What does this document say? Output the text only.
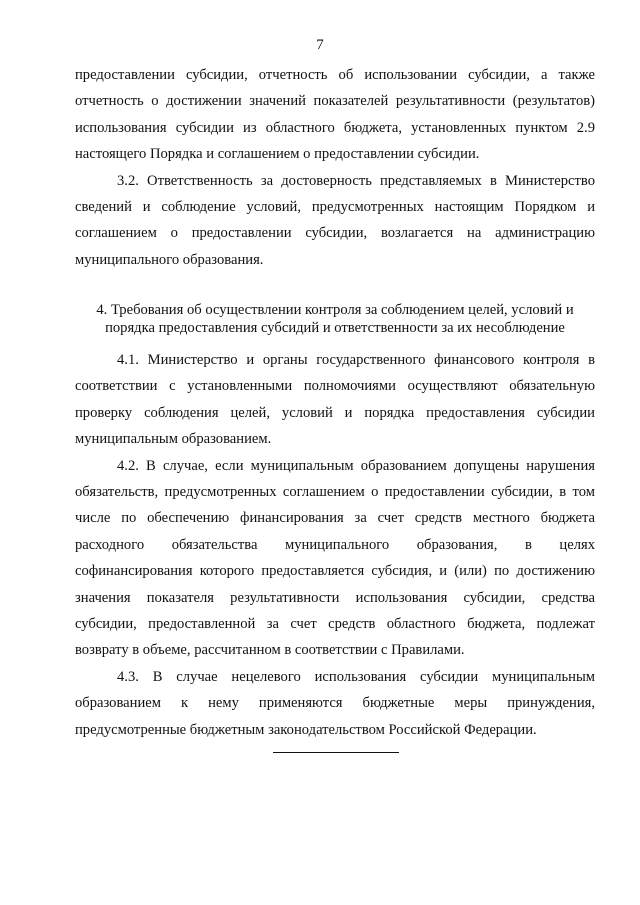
7

предоставлении субсидии, отчетность об использовании субсидии, а также отчетность о достижении значений показателей результативности (результатов) использования субсидии из областного бюджета, установленных пунктом 2.9 настоящего Порядка и соглашением о предоставлении субсидии.

3.2. Ответственность за достоверность представляемых в Министерство сведений и соблюдение условий, предусмотренных настоящим Порядком и соглашением о предоставлении субсидии, возлагается на администрацию муниципального образования.

4. Требования об осуществлении контроля за соблюдением целей, условий и
порядка предоставления субсидий и ответственности за их несоблюдение

4.1. Министерство и органы государственного финансового контроля в соответствии с установленными полномочиями осуществляют обязательную проверку соблюдения целей, условий и порядка предоставления субсидии муниципальным образованием.

4.2. В случае, если муниципальным образованием допущены нарушения обязательств, предусмотренных соглашением о предоставлении субсидии, в том числе по обеспечению финансирования за счет средств местного бюджета расходного обязательства муниципального образования, в целях софинансирования которого предоставляется субсидия, и (или) по достижению значения показателя результативности использования субсидии, средства субсидии, предоставленной за счет средств областного бюджета, подлежат возврату в объеме, рассчитанном в соответствии с Правилами.

4.3. В случае нецелевого использования субсидии муниципальным образованием к нему применяются бюджетные меры принуждения, предусмотренные бюджетным законодательством Российской Федерации.
